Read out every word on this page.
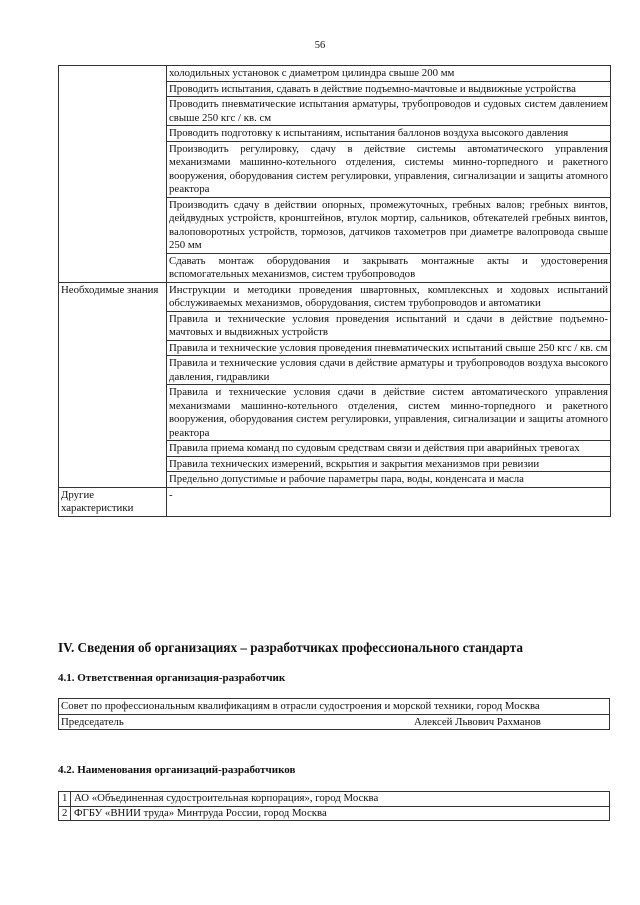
56
	холодильных установок с диаметром цилиндра свыше 200 мм
	Проводить испытания, сдавать в действие подъемно-мачтовые и выдвижные устройства
	Проводить пневматические испытания арматуры, трубопроводов и судовых систем давлением свыше 250 кгс / кв. см
	Проводить подготовку к испытаниям, испытания баллонов воздуха высокого давления
	Производить регулировку, сдачу в действие системы автоматического управления механизмами машинно-котельного отделения, системы минно-торпедного и ракетного вооружения, оборудования систем регулировки, управления, сигнализации и защиты атомного реактора
	Производить сдачу в действии опорных, промежуточных, гребных валов; гребных винтов, дейдвудных устройств, кронштейнов, втулок мортир, сальников, обтекателей гребных винтов, валоповоротных устройств, тормозов, датчиков тахометров при диаметре валопровода свыше 250 мм
	Сдавать монтаж оборудования и закрывать монтажные акты и удостоверения вспомогательных механизмов, систем трубопроводов
Необходимые знания	Инструкции и методики проведения швартовных, комплексных и ходовых испытаний обслуживаемых механизмов, оборудования, систем трубопроводов и автоматики
	Правила и технические условия проведения испытаний и сдачи в действие подъемно-мачтовых и выдвижных устройств
	Правила и технические условия проведения пневматических испытаний свыше 250 кгс / кв. см
	Правила и технические условия сдачи в действие арматуры и трубопроводов воздуха высокого давления, гидравлики
	Правила и технические условия сдачи в действие систем автоматического управления механизмами машинно-котельного отделения, систем минно-торпедного и ракетного вооружения, оборудования систем регулировки, управления, сигнализации и защиты атомного реактора
	Правила приема команд по судовым средствам связи и действия при аварийных тревогах
	Правила технических измерений, вскрытия и закрытия механизмов при ревизии
	Предельно допустимые и рабочие параметры пара, воды, конденсата и масла
Другие характеристики	-
IV. Сведения об организациях – разработчиках профессионального стандарта
4.1. Ответственная организация-разработчик
Совет по профессиональным квалификациям в отрасли судостроения и морской техники, город Москва
Председатель	Алексей Львович Рахманов
4.2. Наименования организаций-разработчиков
1	АО «Объединенная судостроительная корпорация», город Москва
2	ФГБУ «ВНИИ труда» Минтруда России, город Москва
